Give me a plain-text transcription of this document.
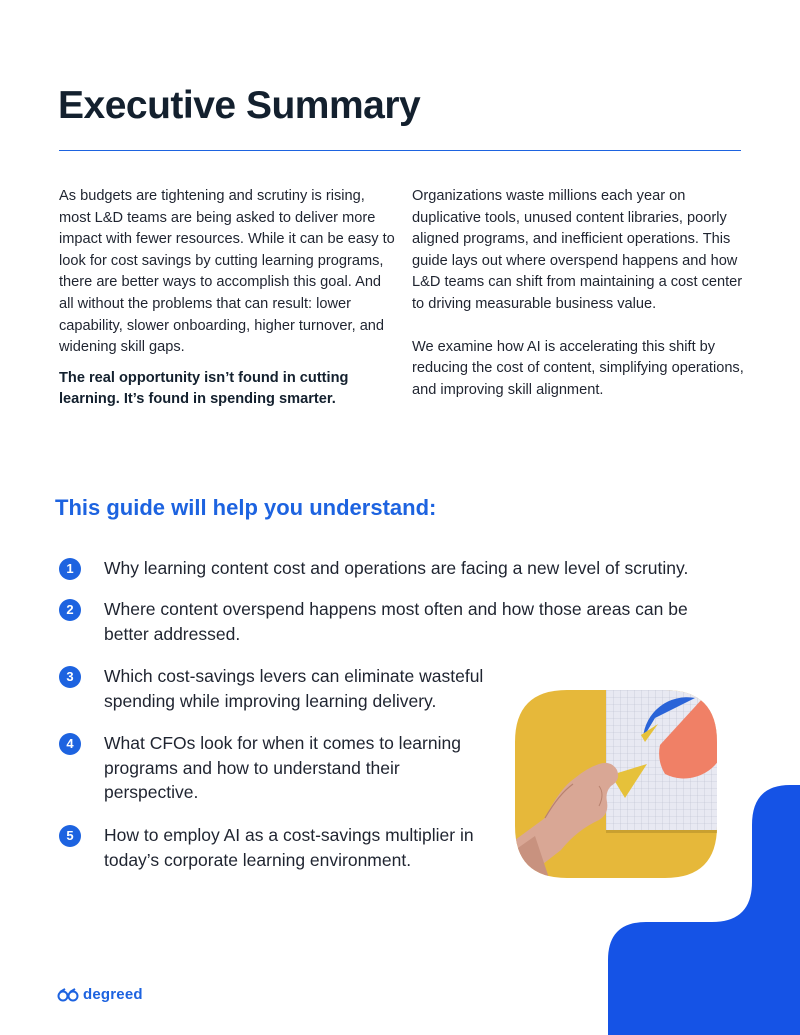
Executive Summary

As budgets are tightening and scrutiny is rising, most L&D teams are being asked to deliver more impact with fewer resources. While it can be easy to look for cost savings by cutting learning programs, there are better ways to accomplish this goal. And all without the problems that can result: lower capability, slower onboarding, higher turnover, and widening skill gaps.

The real opportunity isn’t found in cutting learning. It’s found in spending smarter.

Organizations waste millions each year on duplicative tools, unused content libraries, poorly aligned programs, and inefficient operations. This guide lays out where overspend happens and how L&D teams can shift from maintaining a cost center to driving measurable business value.

We examine how AI is accelerating this shift by reducing the cost of content, simplifying operations, and improving skill alignment.

This guide will help you understand:
1	Why learning content cost and operations are facing a new level of scrutiny.
2	Where content overspend happens most often and how those areas can be better addressed.
3	Which cost-savings levers can eliminate wasteful spending while improving learning delivery.
4	What CFOs look for when it comes to learning programs and how to understand their perspective.
5	How to employ AI as a cost-savings multiplier in today’s corporate learning environment.
degreed
